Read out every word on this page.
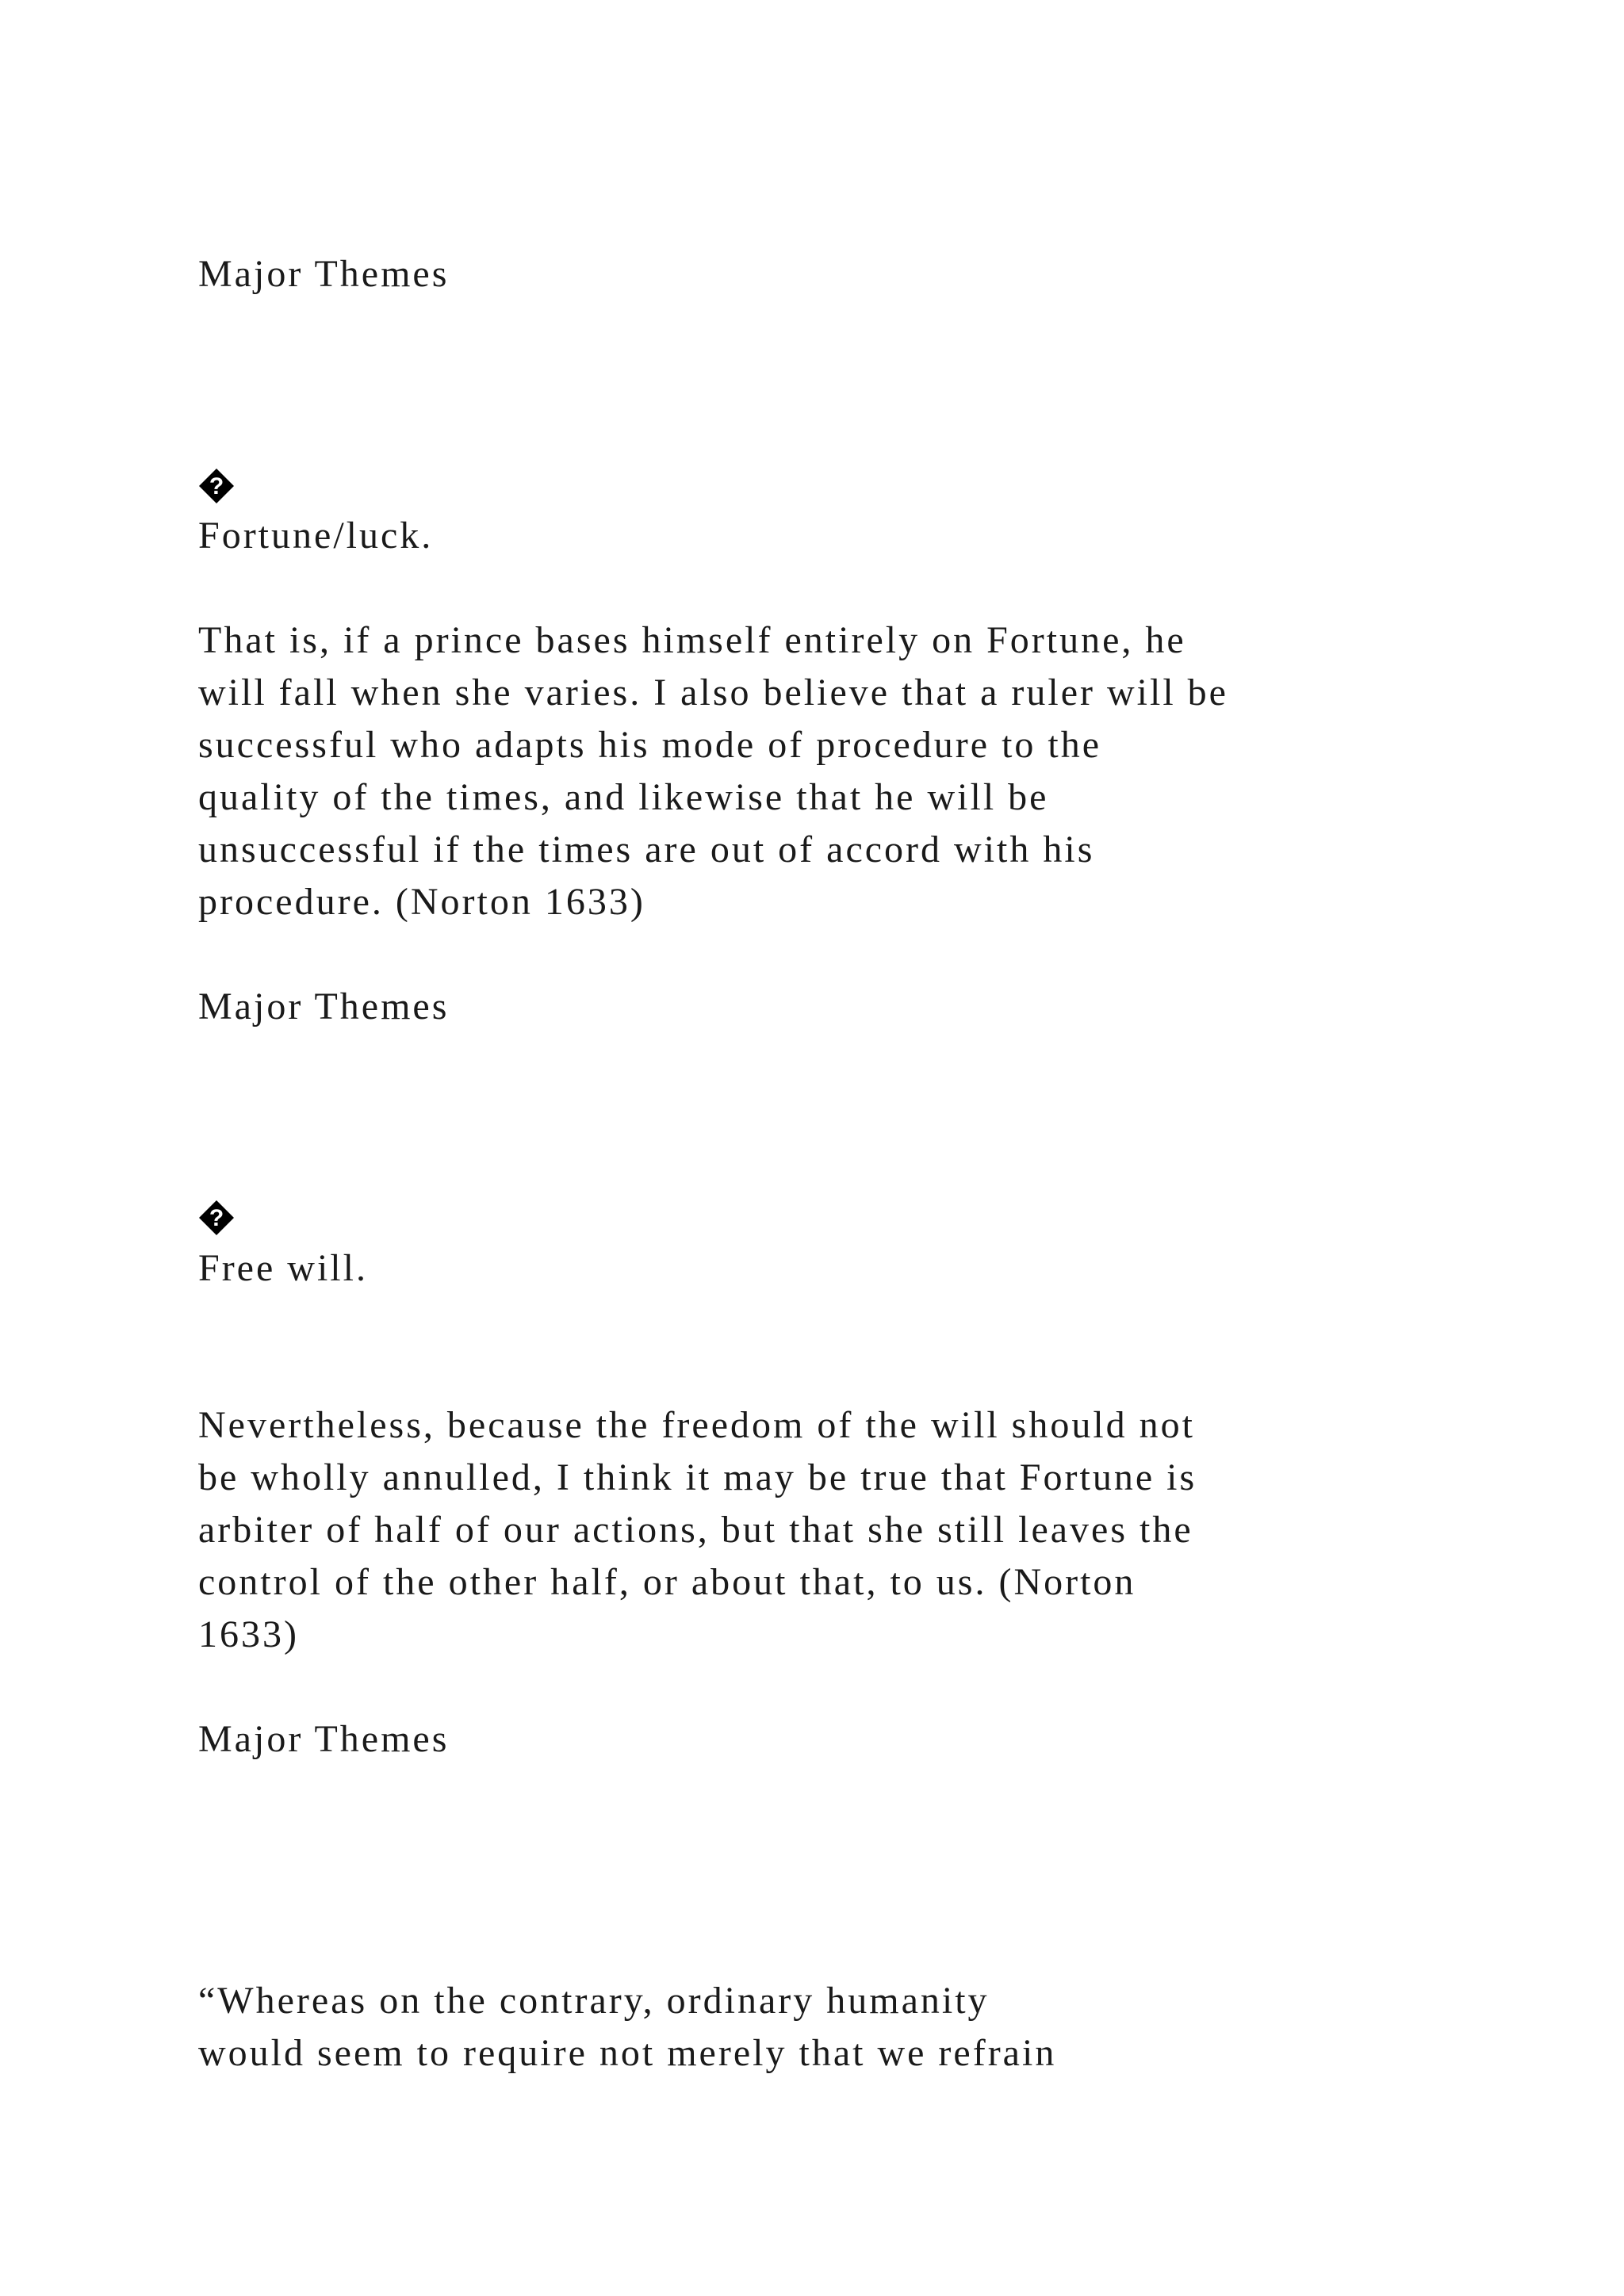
Major Themes

?

Fortune/luck.

That is, if a prince bases himself entirely on Fortune, he

will fall when she varies. I also believe that a ruler will be

successful who adapts his mode of procedure to the

quality of the times, and likewise that he will be

unsuccessful if the times are out of accord with his

procedure. (Norton 1633)

Major Themes

?

Free will.

Nevertheless, because the freedom of the will should not

be wholly annulled, I think it may be true that Fortune is

arbiter of half of our actions, but that she still leaves the

control of the other half, or about that, to us. (Norton

1633)

Major Themes

“Whereas on the contrary, ordinary humanity

would seem to require not merely that we refrain
